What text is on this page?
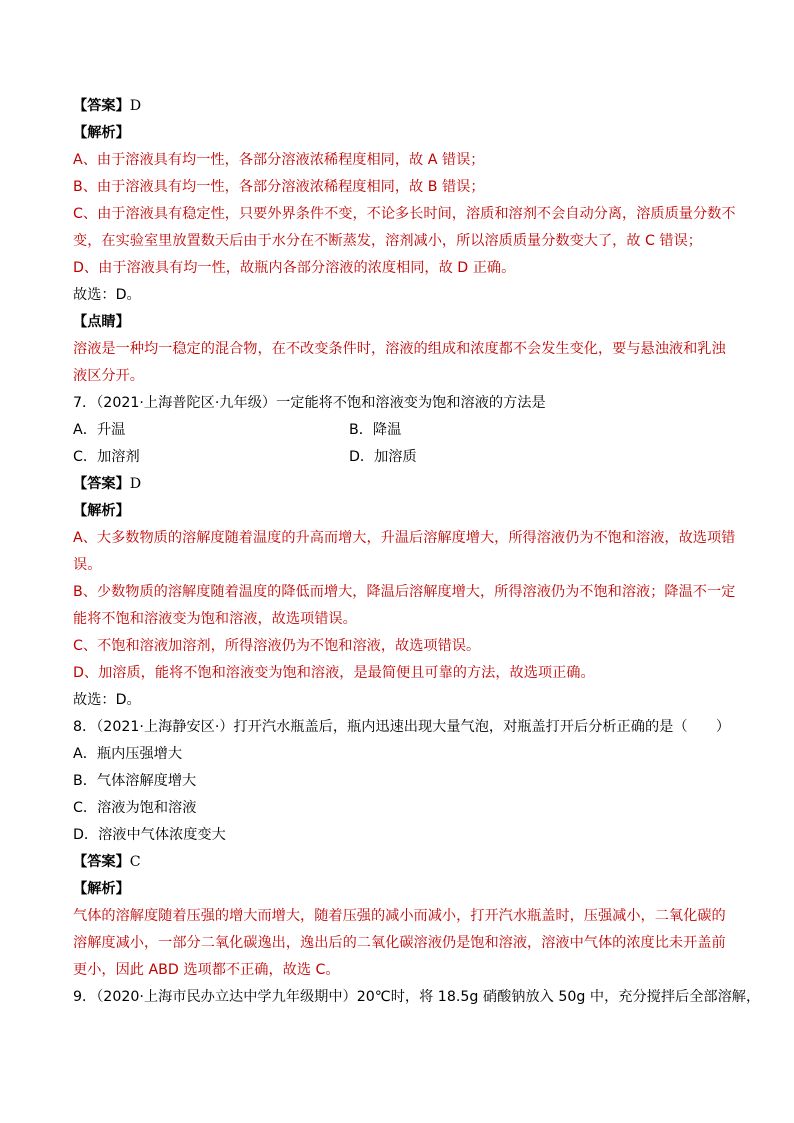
【答案】D
【解析】
A、由于溶液具有均一性，各部分溶液浓稀程度相同，故 A 错误；
B、由于溶液具有均一性，各部分溶液浓稀程度相同，故 B 错误；
C、由于溶液具有稳定性，只要外界条件不变，不论多长时间，溶质和溶剂不会自动分离，溶质质量分数不
变，在实验室里放置数天后由于水分在不断蒸发，溶剂减小，所以溶质质量分数变大了，故 C 错误；
D、由于溶液具有均一性，故瓶内各部分溶液的浓度相同，故 D 正确。
故选：D。
【点睛】
溶液是一种均一稳定的混合物，在不改变条件时，溶液的组成和浓度都不会发生变化，要与悬浊液和乳浊
液区分开。
7．（2021·上海普陀区·九年级）一定能将不饱和溶液变为饱和溶液的方法是
A．升温	B．降温
C．加溶剂	D．加溶质
【答案】D
【解析】
A、大多数物质的溶解度随着温度的升高而增大，升温后溶解度增大，所得溶液仍为不饱和溶液，故选项错
误。
B、少数物质的溶解度随着温度的降低而增大，降温后溶解度增大，所得溶液仍为不饱和溶液；降温不一定
能将不饱和溶液变为饱和溶液，故选项错误。
C、不饱和溶液加溶剂，所得溶液仍为不饱和溶液，故选项错误。
D、加溶质，能将不饱和溶液变为饱和溶液，是最简便且可靠的方法，故选项正确。
故选：D。
8．（2021·上海静安区·）打开汽水瓶盖后，瓶内迅速出现大量气泡，对瓶盖打开后分析正确的是（　　）
A．瓶内压强增大
B．气体溶解度增大
C．溶液为饱和溶液
D．溶液中气体浓度变大
【答案】C
【解析】
气体的溶解度随着压强的增大而增大，随着压强的减小而减小，打开汽水瓶盖时，压强减小，二氧化碳的
溶解度减小，一部分二氧化碳逸出，逸出后的二氧化碳溶液仍是饱和溶液，溶液中气体的浓度比未开盖前
更小，因此 ABD 选项都不正确，故选 C。
9．（2020·上海市民办立达中学九年级期中）20℃时，将 18.5g 硝酸钠放入 50g 中，充分搅拌后全部溶解，
